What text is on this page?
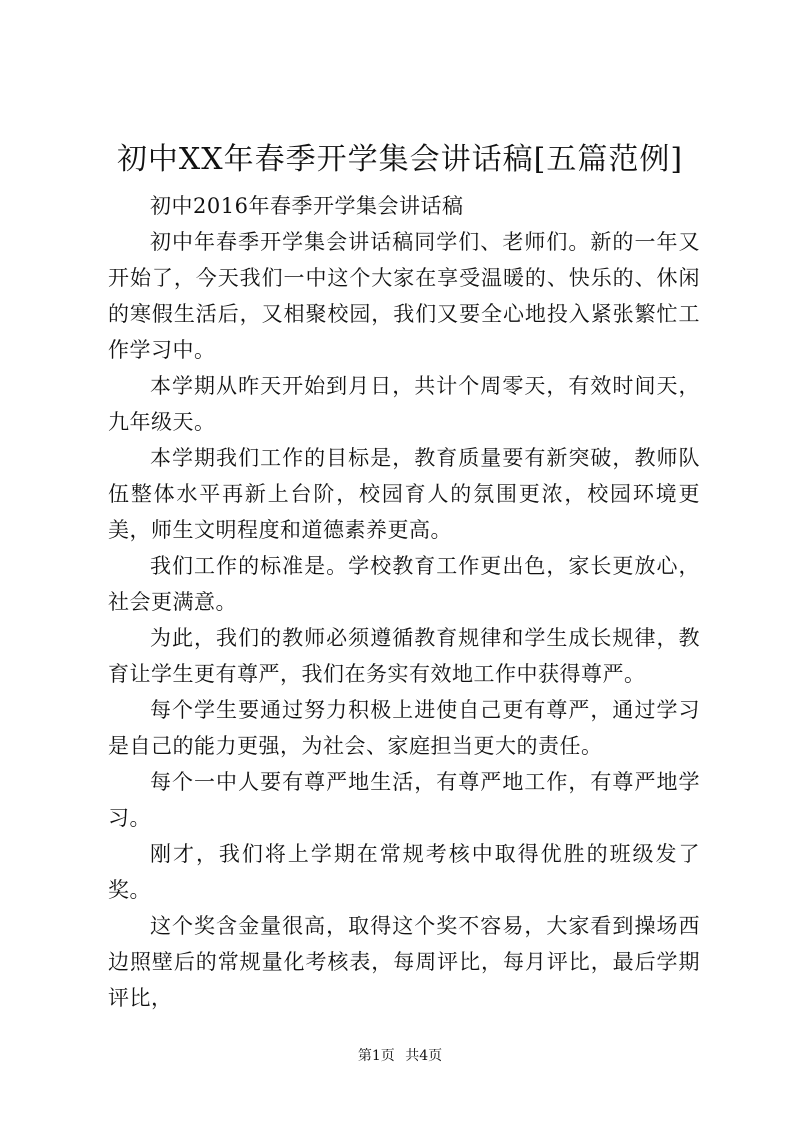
初中XX年春季开学集会讲话稿[五篇范例]

初中2016年春季开学集会讲话稿

初中年春季开学集会讲话稿同学们、老师们。新的一年又开始了，今天我们一中这个大家在享受温暖的、快乐的、休闲的寒假生活后，又相聚校园，我们又要全心地投入紧张繁忙工作学习中。

本学期从昨天开始到月日，共计个周零天，有效时间天，九年级天。

本学期我们工作的目标是，教育质量要有新突破，教师队伍整体水平再新上台阶，校园育人的氛围更浓，校园环境更美，师生文明程度和道德素养更高。

我们工作的标准是。学校教育工作更出色，家长更放心，社会更满意。

为此，我们的教师必须遵循教育规律和学生成长规律，教育让学生更有尊严，我们在务实有效地工作中获得尊严。

每个学生要通过努力积极上进使自己更有尊严，通过学习是自己的能力更强，为社会、家庭担当更大的责任。

每个一中人要有尊严地生活，有尊严地工作，有尊严地学习。

刚才，我们将上学期在常规考核中取得优胜的班级发了奖。

这个奖含金量很高，取得这个奖不容易，大家看到操场西边照壁后的常规量化考核表，每周评比，每月评比，最后学期评比，

第1页 共4页
